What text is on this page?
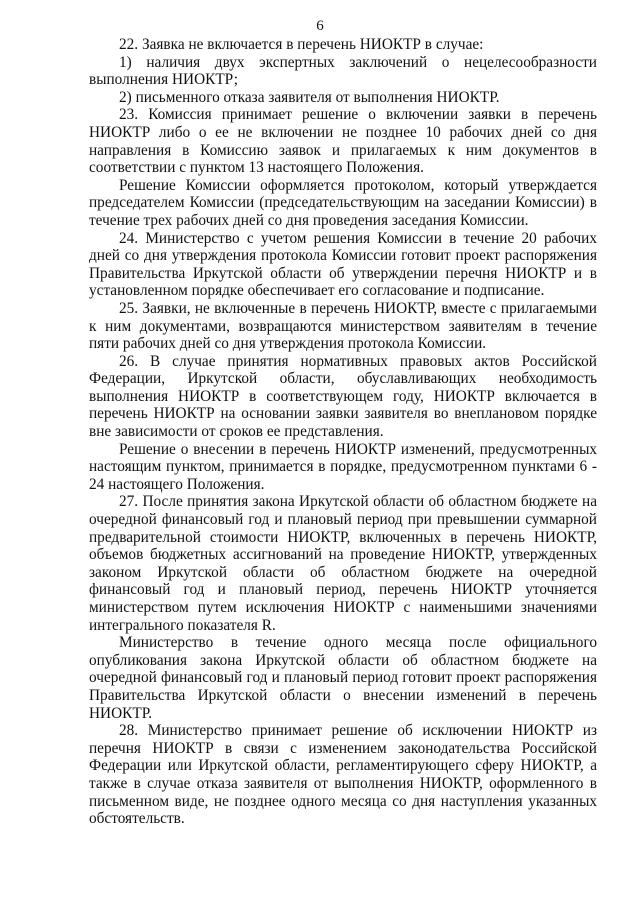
6

22. Заявка не включается в перечень НИОКТР в случае:

1) наличия двух экспертных заключений о нецелесообразности выполнения НИОКТР;

2) письменного отказа заявителя от выполнения НИОКТР.

23. Комиссия принимает решение о включении заявки в перечень НИОКТР либо о ее не включении не позднее 10 рабочих дней со дня направления в Комиссию заявок и прилагаемых к ним документов в соответствии с пунктом 13 настоящего Положения.

Решение Комиссии оформляется протоколом, который утверждается председателем Комиссии (председательствующим на заседании Комиссии) в течение трех рабочих дней со дня проведения заседания Комиссии.

24. Министерство с учетом решения Комиссии в течение 20 рабочих дней со дня утверждения протокола Комиссии готовит проект распоряжения Правительства Иркутской области об утверждении перечня НИОКТР и в установленном порядке обеспечивает его согласование и подписание.

25. Заявки, не включенные в перечень НИОКТР, вместе с прилагаемыми к ним документами, возвращаются министерством заявителям в течение пяти рабочих дней со дня утверждения протокола Комиссии.

26. В случае принятия нормативных правовых актов Российской Федерации, Иркутской области, обуславливающих необходимость выполнения НИОКТР в соответствующем году, НИОКТР включается в перечень НИОКТР на основании заявки заявителя во внеплановом порядке вне зависимости от сроков ее представления.

Решение о внесении в перечень НИОКТР изменений, предусмотренных настоящим пунктом, принимается в порядке, предусмотренном пунктами 6 - 24 настоящего Положения.

27. После принятия закона Иркутской области об областном бюджете на очередной финансовый год и плановый период при превышении суммарной предварительной стоимости НИОКТР, включенных в перечень НИОКТР, объемов бюджетных ассигнований на проведение НИОКТР, утвержденных законом Иркутской области об областном бюджете на очередной финансовый год и плановый период, перечень НИОКТР уточняется министерством путем исключения НИОКТР с наименьшими значениями интегрального показателя R.

Министерство в течение одного месяца после официального опубликования закона Иркутской области об областном бюджете на очередной финансовый год и плановый период готовит проект распоряжения Правительства Иркутской области о внесении изменений в перечень НИОКТР.

28. Министерство принимает решение об исключении НИОКТР из перечня НИОКТР в связи с изменением законодательства Российской Федерации или Иркутской области, регламентирующего сферу НИОКТР, а также в случае отказа заявителя от выполнения НИОКТР, оформленного в письменном виде, не позднее одного месяца со дня наступления указанных обстоятельств.
